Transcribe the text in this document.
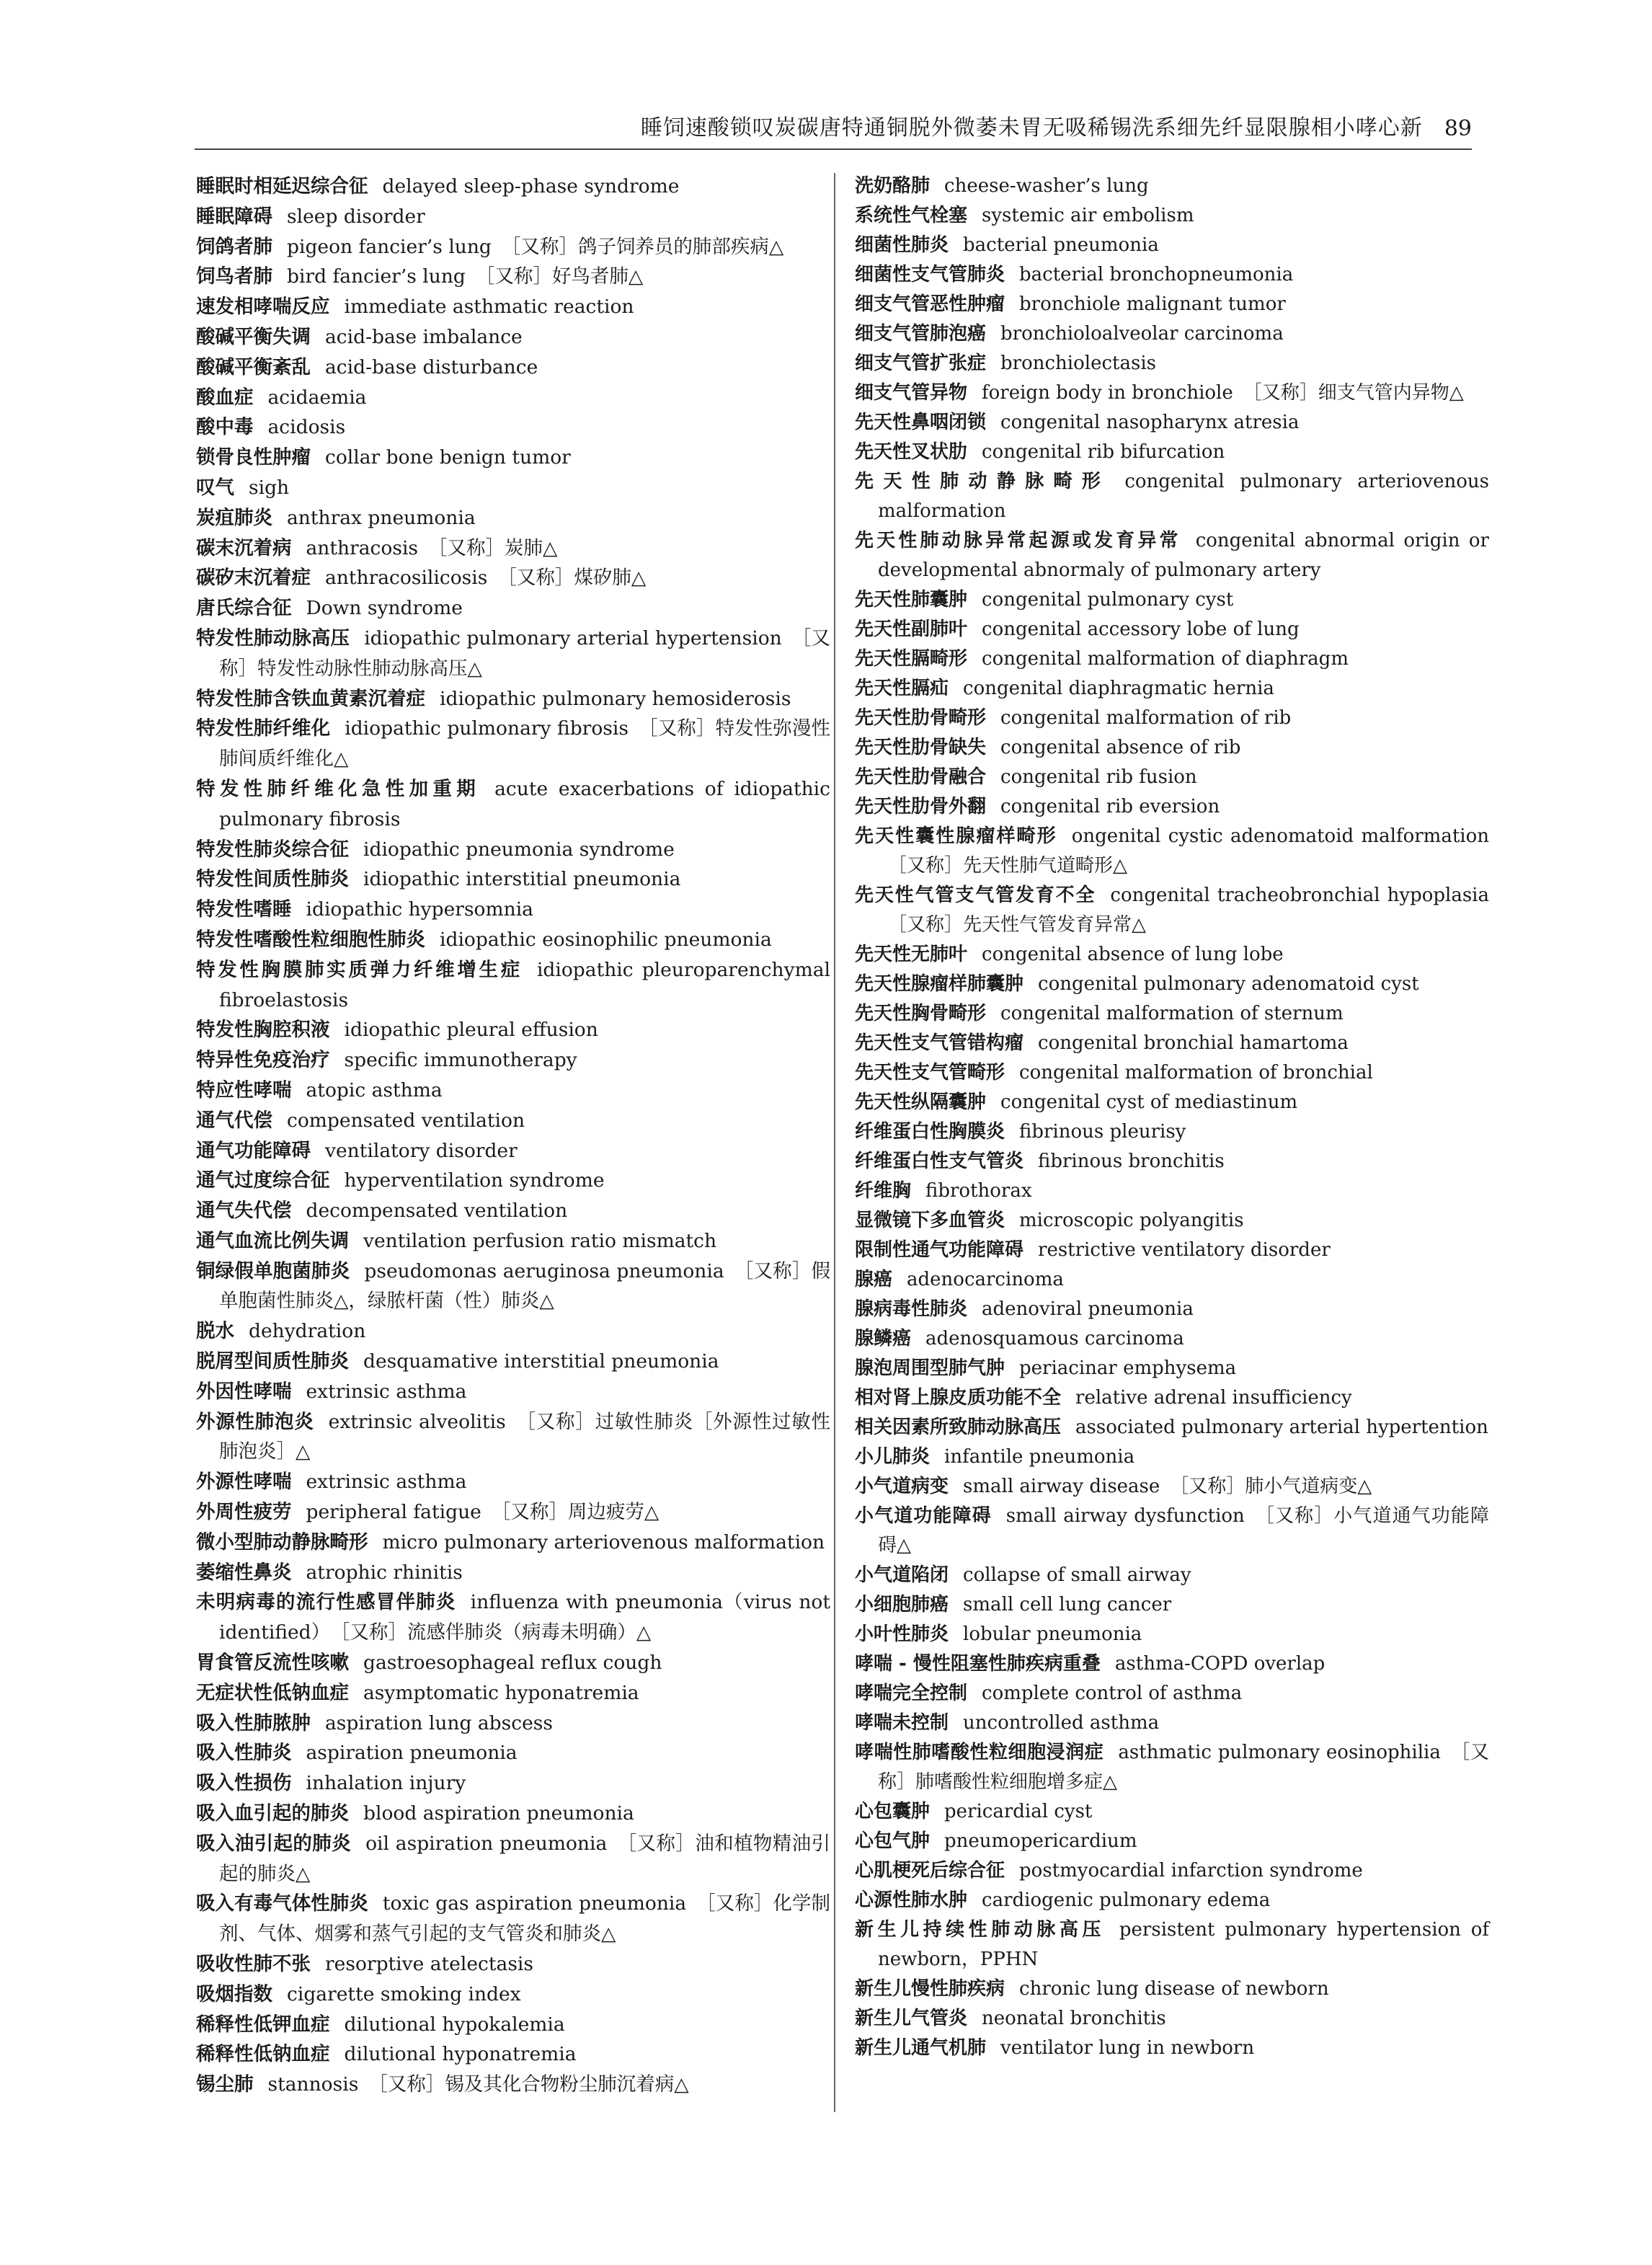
睡饲速酸锁叹炭碳唐特通铜脱外微萎未胃无吸稀锡洗系细先纤显限腺相小哮心新 89

睡眠时相延迟综合征 delayed sleep-phase syndrome

睡眠障碍 sleep disorder

饲鸽者肺 pigeon fancier’s lung ［又称］鸽子饲养员的肺部疾病△

饲鸟者肺 bird fancier’s lung ［又称］好鸟者肺△

速发相哮喘反应 immediate asthmatic reaction

酸碱平衡失调 acid-base imbalance

酸碱平衡紊乱 acid-base disturbance

酸血症 acidaemia

酸中毒 acidosis

锁骨良性肿瘤 collar bone benign tumor

叹气 sigh

炭疽肺炎 anthrax pneumonia

碳末沉着病 anthracosis ［又称］炭肺△

碳矽末沉着症 anthracosilicosis ［又称］煤矽肺△

唐氏综合征 Down syndrome

特发性肺动脉高压 idiopathic pulmonary arterial hypertension ［又称］特发性动脉性肺动脉高压△

特发性肺含铁血黄素沉着症 idiopathic pulmonary hemosiderosis

特发性肺纤维化 idiopathic pulmonary fibrosis ［又称］特发性弥漫性肺间质纤维化△

特发性肺纤维化急性加重期 acute exacerbations of idiopathic pulmonary fibrosis

特发性肺炎综合征 idiopathic pneumonia syndrome

特发性间质性肺炎 idiopathic interstitial pneumonia

特发性嗜睡 idiopathic hypersomnia

特发性嗜酸性粒细胞性肺炎 idiopathic eosinophilic pneumonia

特发性胸膜肺实质弹力纤维增生症 idiopathic pleuroparenchymal fibroelastosis

特发性胸腔积液 idiopathic pleural effusion

特异性免疫治疗 specific immunotherapy

特应性哮喘 atopic asthma

通气代偿 compensated ventilation

通气功能障碍 ventilatory disorder

通气过度综合征 hyperventilation syndrome

通气失代偿 decompensated ventilation

通气血流比例失调 ventilation perfusion ratio mismatch

铜绿假单胞菌肺炎 pseudomonas aeruginosa pneumonia ［又称］假单胞菌性肺炎△，绿脓杆菌（性）肺炎△

脱水 dehydration

脱屑型间质性肺炎 desquamative interstitial pneumonia

外因性哮喘 extrinsic asthma

外源性肺泡炎 extrinsic alveolitis ［又称］过敏性肺炎［外源性过敏性肺泡炎］△

外源性哮喘 extrinsic asthma

外周性疲劳 peripheral fatigue ［又称］周边疲劳△

微小型肺动静脉畸形 micro pulmonary arteriovenous malformation

萎缩性鼻炎 atrophic rhinitis

未明病毒的流行性感冒伴肺炎 influenza with pneumonia（virus not identified） ［又称］流感伴肺炎（病毒未明确）△

胃食管反流性咳嗽 gastroesophageal reflux cough

无症状性低钠血症 asymptomatic hyponatremia

吸入性肺脓肿 aspiration lung abscess

吸入性肺炎 aspiration pneumonia

吸入性损伤 inhalation injury

吸入血引起的肺炎 blood aspiration pneumonia

吸入油引起的肺炎 oil aspiration pneumonia ［又称］油和植物精油引起的肺炎△

吸入有毒气体性肺炎 toxic gas aspiration pneumonia ［又称］化学制剂、气体、烟雾和蒸气引起的支气管炎和肺炎△

吸收性肺不张 resorptive atelectasis

吸烟指数 cigarette smoking index

稀释性低钾血症 dilutional hypokalemia

稀释性低钠血症 dilutional hyponatremia

锡尘肺 stannosis ［又称］锡及其化合物粉尘肺沉着病△

洗奶酪肺 cheese-washer’s lung

系统性气栓塞 systemic air embolism

细菌性肺炎 bacterial pneumonia

细菌性支气管肺炎 bacterial bronchopneumonia

细支气管恶性肿瘤 bronchiole malignant tumor

细支气管肺泡癌 bronchioloalveolar carcinoma

细支气管扩张症 bronchiolectasis

细支气管异物 foreign body in bronchiole ［又称］细支气管内异物△

先天性鼻咽闭锁 congenital nasopharynx atresia

先天性叉状肋 congenital rib bifurcation

先天性肺动静脉畸形 congenital pulmonary arteriovenous malformation

先天性肺动脉异常起源或发育异常 congenital abnormal origin or developmental abnormaly of pulmonary artery

先天性肺囊肿 congenital pulmonary cyst

先天性副肺叶 congenital accessory lobe of lung

先天性膈畸形 congenital malformation of diaphragm

先天性膈疝 congenital diaphragmatic hernia

先天性肋骨畸形 congenital malformation of rib

先天性肋骨缺失 congenital absence of rib

先天性肋骨融合 congenital rib fusion

先天性肋骨外翻 congenital rib eversion

先天性囊性腺瘤样畸形 ongenital cystic adenomatoid malformation［又称］先天性肺气道畸形△

先天性气管支气管发育不全 congenital tracheobronchial hypoplasia［又称］先天性气管发育异常△

先天性无肺叶 congenital absence of lung lobe

先天性腺瘤样肺囊肿 congenital pulmonary adenomatoid cyst

先天性胸骨畸形 congenital malformation of sternum

先天性支气管错构瘤 congenital bronchial hamartoma

先天性支气管畸形 congenital malformation of bronchial

先天性纵隔囊肿 congenital cyst of mediastinum

纤维蛋白性胸膜炎 fibrinous pleurisy

纤维蛋白性支气管炎 fibrinous bronchitis

纤维胸 fibrothorax

显微镜下多血管炎 microscopic polyangitis

限制性通气功能障碍 restrictive ventilatory disorder

腺癌 adenocarcinoma

腺病毒性肺炎 adenoviral pneumonia

腺鳞癌 adenosquamous carcinoma

腺泡周围型肺气肿 periacinar emphysema

相对肾上腺皮质功能不全 relative adrenal insufficiency

相关因素所致肺动脉高压 associated pulmonary arterial hypertention

小儿肺炎 infantile pneumonia

小气道病变 small airway disease ［又称］肺小气道病变△

小气道功能障碍 small airway dysfunction ［又称］小气道通气功能障碍△

小气道陷闭 collapse of small airway

小细胞肺癌 small cell lung cancer

小叶性肺炎 lobular pneumonia

哮喘 - 慢性阻塞性肺疾病重叠 asthma-COPD overlap

哮喘完全控制 complete control of asthma

哮喘未控制 uncontrolled asthma

哮喘性肺嗜酸性粒细胞浸润症 asthmatic pulmonary eosinophilia ［又称］肺嗜酸性粒细胞增多症△

心包囊肿 pericardial cyst

心包气肿 pneumopericardium

心肌梗死后综合征 postmyocardial infarction syndrome

心源性肺水肿 cardiogenic pulmonary edema

新生儿持续性肺动脉高压 persistent pulmonary hypertension of newborn，PPHN

新生儿慢性肺疾病 chronic lung disease of newborn

新生儿气管炎 neonatal bronchitis

新生儿通气机肺 ventilator lung in newborn
